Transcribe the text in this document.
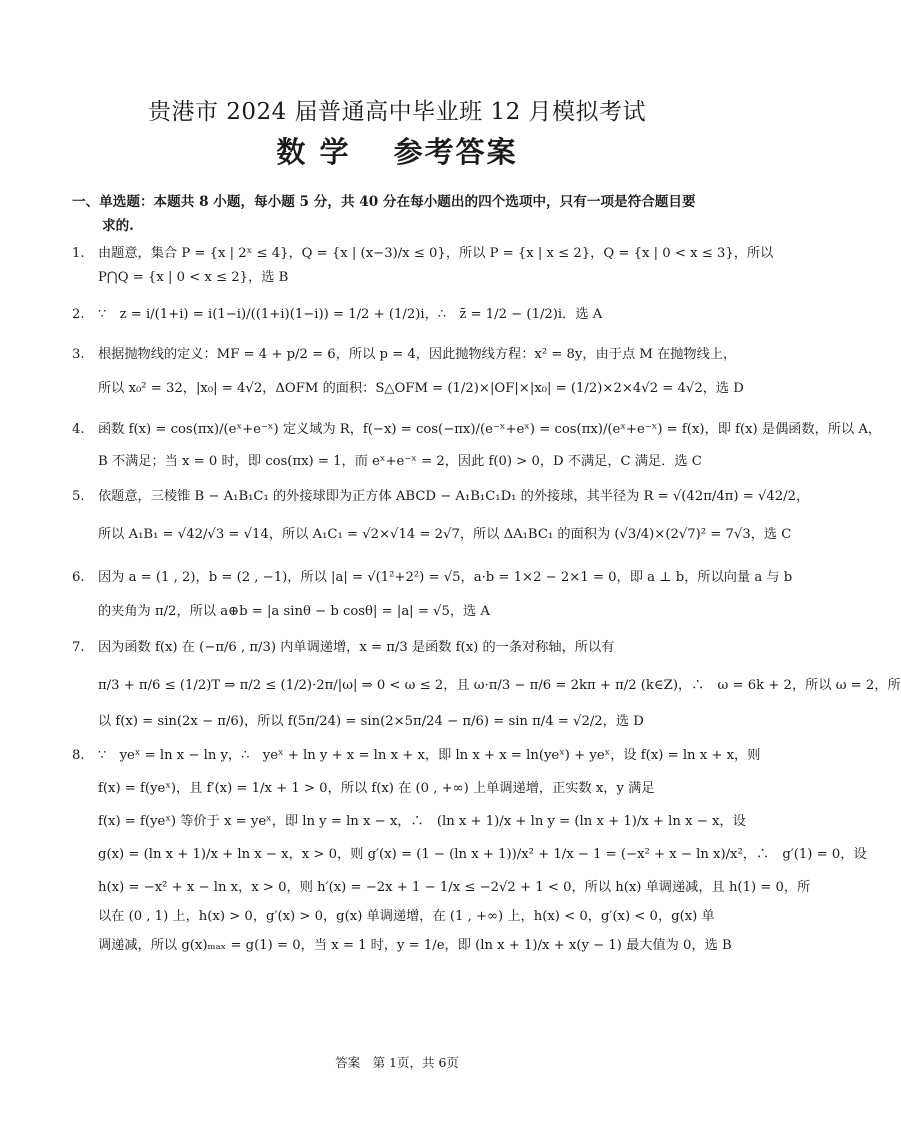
贵港市 2024 届普通高中毕业班 12 月模拟考试
数 学　 参考答案
一、单选题：本题共 8 小题，每小题 5 分，共 40 分在每小题出的四个选项中，只有一项是符合题目要
求的.
1.	由题意，集合 P = {x | 2ˣ ≤ 4}，Q = {x | (x−3)/x ≤ 0}，所以 P = {x | x ≤ 2}，Q = {x | 0 < x ≤ 3}，所以
P⋂Q = {x | 0 < x ≤ 2}，选 B
2.	∵　z = i/(1+i) = i(1−i)/((1+i)(1−i)) = 1/2 + (1/2)i，∴　z̄ = 1/2 − (1/2)i．选 A
3.	根据抛物线的定义：MF = 4 + p/2 = 6，所以 p = 4，因此抛物线方程：x² = 8y，由于点 M 在抛物线上，
所以 x₀² = 32，|x₀| = 4√2，ΔOFM 的面积：S△OFM = (1/2)×|OF|×|x₀| = (1/2)×2×4√2 = 4√2，选 D
4.	函数 f(x) = cos(πx)/(eˣ+e⁻ˣ) 定义域为 R，f(−x) = cos(−πx)/(e⁻ˣ+eˣ) = cos(πx)/(eˣ+e⁻ˣ) = f(x)，即 f(x) 是偶函数，所以 A，
B 不满足；当 x = 0 时，即 cos(πx) = 1，而 eˣ+e⁻ˣ = 2，因此 f(0) > 0，D 不满足，C 满足．选 C
5.	依题意，三棱锥 B − A₁B₁C₁ 的外接球即为正方体 ABCD − A₁B₁C₁D₁ 的外接球，其半径为 R = √(42π/4π) = √42/2，
所以 A₁B₁ = √42/√3 = √14，所以 A₁C₁ = √2×√14 = 2√7，所以 ΔA₁BC₁ 的面积为 (√3/4)×(2√7)² = 7√3，选 C
6.	因为 a = (1 , 2)，b = (2 , −1)，所以 |a| = √(1²+2²) = √5，a·b = 1×2 − 2×1 = 0，即 a ⊥ b，所以向量 a 与 b
的夹角为 π/2，所以 a⊕b = |a sinθ − b cosθ| = |a| = √5，选 A
7.	因为函数 f(x) 在 (−π/6 , π/3) 内单调递增，x = π/3 是函数 f(x) 的一条对称轴，所以有
π/3 + π/6 ≤ (1/2)T ⇒ π/2 ≤ (1/2)·2π/|ω| ⇒ 0 < ω ≤ 2，且 ω·π/3 − π/6 = 2kπ + π/2 (k∈Z)，∴　ω = 6k + 2，所以 ω = 2，所
以 f(x) = sin(2x − π/6)，所以 f(5π/24) = sin(2×5π/24 − π/6) = sin π/4 = √2/2，选 D
8.	∵　yeˣ = ln x − ln y，∴　yeˣ + ln y + x = ln x + x，即 ln x + x = ln(yeˣ) + yeˣ，设 f(x) = ln x + x，则
f(x) = f(yeˣ)，且 f′(x) = 1/x + 1 > 0，所以 f(x) 在 (0 , +∞) 上单调递增，正实数 x，y 满足
f(x) = f(yeˣ) 等价于 x = yeˣ，即 ln y = ln x − x，∴　(ln x + 1)/x + ln y = (ln x + 1)/x + ln x − x，设
g(x) = (ln x + 1)/x + ln x − x，x > 0，则 g′(x) = (1 − (ln x + 1))/x² + 1/x − 1 = (−x² + x − ln x)/x²，∴　g′(1) = 0，设
h(x) = −x² + x − ln x，x > 0，则 h′(x) = −2x + 1 − 1/x ≤ −2√2 + 1 < 0，所以 h(x) 单调递减，且 h(1) = 0，所
以在 (0 , 1) 上，h(x) > 0，g′(x) > 0，g(x) 单调递增，在 (1 , +∞) 上，h(x) < 0，g′(x) < 0，g(x) 单
调递减，所以 g(x)ₘₐₓ = g(1) = 0，当 x = 1 时，y = 1/e，即 (ln x + 1)/x + x(y − 1) 最大值为 0，选 B
答案　第 1页，共 6页
